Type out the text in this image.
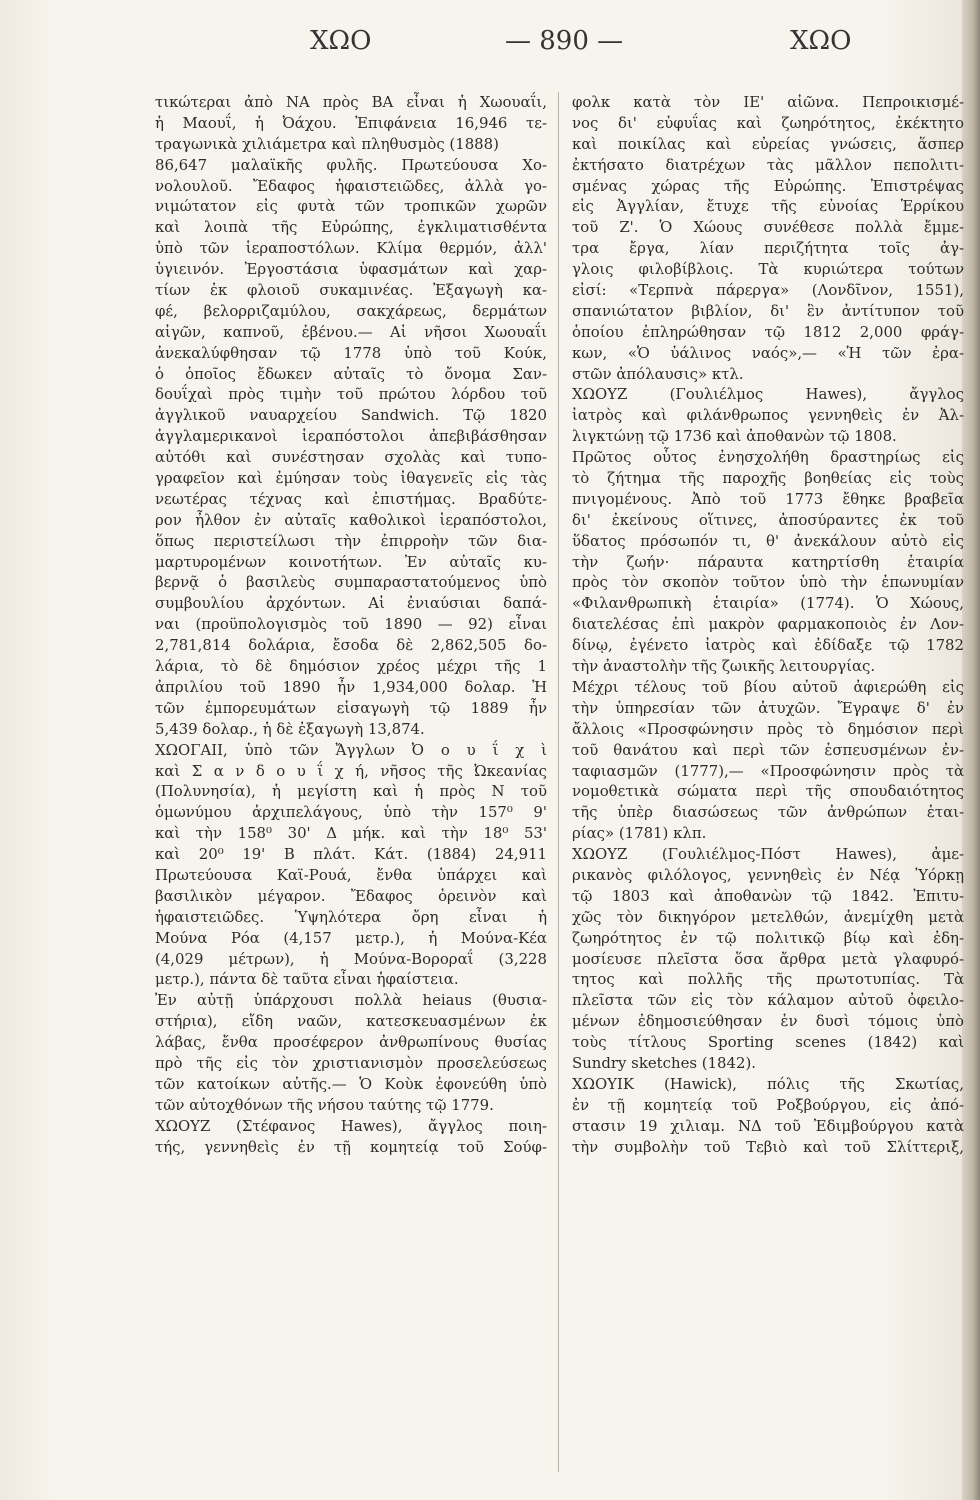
ΧΩΟ	— 890 —	ΧΩΟ
τικώτεραι ἀπὸ ΝΑ πρὸς ΒΑ εἶναι ἡ Χωουαΐι,
ἡ Μαουΐ, ἡ Ὀάχου. Ἐπιφάνεια 16,946 τε-
τραγωνικὰ χιλιάμετρα καὶ πληθυσμὸς (1888)
86,647 μαλαϊκῆς φυλῆς. Πρωτεύουσα Χο-
νολουλοῦ. Ἔδαφος ἡφαιστειῶδες, ἀλλὰ γο-
νιμώτατον εἰς φυτὰ τῶν τροπικῶν χωρῶν
καὶ λοιπὰ τῆς Εὐρώπης, ἐγκλιματισθέντα
ὑπὸ τῶν ἱεραποστόλων. Κλίμα θερμόν, ἀλλ'
ὑγιεινόν. Ἐργοστάσια ὑφασμάτων καὶ χαρ-
τίων ἐκ φλοιοῦ συκαμινέας. Ἐξαγωγὴ κα-
φέ, βελορριζαμύλου, σακχάρεως, δερμάτων
αἰγῶν, καπνοῦ, ἐβένου.— Αἱ νῆσοι Χωουαΐι
ἀνεκαλύφθησαν τῷ 1778 ὑπὸ τοῦ Κούκ,
ὁ ὁποῖος ἔδωκεν αὐταῖς τὸ ὄνομα Σαν-
δουΐχαὶ πρὸς τιμὴν τοῦ πρώτου λόρδου τοῦ
ἀγγλικοῦ ναυαρχείου Sandwich. Τῷ 1820
ἀγγλαμερικανοὶ ἱεραπόστολοι ἀπεβιβάσθησαν
αὐτόθι καὶ συνέστησαν σχολὰς καὶ τυπο-
γραφεῖον καὶ ἐμύησαν τοὺς ἰθαγενεῖς εἰς τὰς
νεωτέρας τέχνας καὶ ἐπιστήμας. Βραδύτε-
ρον ἦλθον ἐν αὐταῖς καθολικοὶ ἱεραπόστολοι,
ὅπως περιστείλωσι τὴν ἐπιρροὴν τῶν δια-
μαρτυρομένων κοινοτήτων. Ἐν αὐταῖς κυ-
βερνᾷ ὁ βασιλεὺς συμπαραστατούμενος ὑπὸ
συμβουλίου ἀρχόντων. Αἱ ἐνιαύσιαι δαπά-
ναι (προϋπολογισμὸς τοῦ 1890 — 92) εἶναι
2,781,814 δολάρια, ἔσοδα δὲ 2,862,505 δο-
λάρια, τὸ δὲ δημόσιον χρέος μέχρι τῆς 1
ἀπριλίου τοῦ 1890 ἦν 1,934,000 δολαρ. Ἡ
τῶν ἐμπορευμάτων εἰσαγωγὴ τῷ 1889 ἦν
5,439 δολαρ., ἡ δὲ ἐξαγωγὴ 13,874.
ΧΩΟΓΑΙΙ, ὑπὸ τῶν Ἄγγλων Ὀ ο υ ΐ χ ὶ
καὶ Σ α ν δ ο υ ΐ χ ή, νῆσος τῆς Ὠκεανίας
(Πολυνησία), ἡ μεγίστη καὶ ἡ πρὸς Ν τοῦ
ὁμωνύμου ἀρχιπελάγους, ὑπὸ τὴν 157⁰ 9'
καὶ τὴν 158⁰ 30' Δ μήκ. καὶ τὴν 18⁰ 53'
καὶ 20⁰ 19' Β πλάτ. Κάτ. (1884) 24,911
Πρωτεύουσα Καϊ-Ρουά, ἔνθα ὑπάρχει καὶ
βασιλικὸν μέγαρον. Ἔδαφος ὀρεινὸν καὶ
ἡφαιστειῶδες. Ὑψηλότερα ὄρη εἶναι ἡ
Μούνα Ρόα (4,157 μετρ.), ἡ Μούνα-Κέα
(4,029 μέτρων), ἡ Μούνα-Βοροραΐ (3,228
μετρ.), πάντα δὲ ταῦτα εἶναι ἡφαίστεια.
Ἐν αὐτῇ ὑπάρχουσι πολλὰ heiaus (θυσια-
στήρια), εἴδη ναῶν, κατεσκευασμένων ἐκ
λάβας, ἔνθα προσέφερον ἀνθρωπίνους θυσίας
πρὸ τῆς εἰς τὸν χριστιανισμὸν προσελεύσεως
τῶν κατοίκων αὐτῆς.— Ὁ Κοὺκ ἐφονεύθη ὑπὸ
τῶν αὐτοχθόνων τῆς νήσου ταύτης τῷ 1779.
ΧΩΟΥΖ (Στέφανος Hawes), ἄγγλος ποιη-
τής, γεννηθεὶς ἐν τῇ κομητείᾳ τοῦ Σούφ-
φολκ κατὰ τὸν ΙΕ' αἰῶνα. Πεπροικισμέ-
νος δι' εὐφυΐας καὶ ζωηρότητος, ἐκέκτητο
καὶ ποικίλας καὶ εὐρείας γνώσεις, ἅσπερ
ἐκτήσατο διατρέχων τὰς μᾶλλον πεπολιτι-
σμένας χώρας τῆς Εὐρώπης. Ἐπιστρέψας
εἰς Ἀγγλίαν, ἔτυχε τῆς εὐνοίας Ἑρρίκου
τοῦ Ζ'. Ὁ Χώους συνέθεσε πολλὰ ἔμμε-
τρα ἔργα, λίαν περιζήτητα τοῖς ἀγ-
γλοις φιλοβίβλοις. Τὰ κυριώτερα τούτων
εἰσί: «Τερπνὰ πάρεργα» (Λονδῖνον, 1551),
σπανιώτατον βιβλίον, δι' ἓν ἀντίτυπον τοῦ
ὁποίου ἐπληρώθησαν τῷ 1812 2,000 φράγ-
κων, «Ὁ ὑάλινος ναός»,— «Ἡ τῶν ἐρα-
στῶν ἀπόλαυσις» κτλ.
ΧΩΟΥΖ (Γουλιέλμος Hawes), ἄγγλος
ἰατρὸς καὶ φιλάνθρωπος γεννηθεὶς ἐν Ἀλ-
λιγκτώνῃ τῷ 1736 καὶ ἀποθανὼν τῷ 1808.
Πρῶτος οὗτος ἐνησχολήθη δραστηρίως εἰς
τὸ ζήτημα τῆς παροχῆς βοηθείας εἰς τοὺς
πνιγομένους. Ἀπὸ τοῦ 1773 ἔθηκε βραβεῖα
δι' ἐκείνους οἵτινες, ἀποσύραντες ἐκ τοῦ
ὕδατος πρόσωπόν τι, θ' ἀνεκάλουν αὐτὸ εἰς
τὴν ζωήν· πάραυτα κατηρτίσθη ἑταιρία
πρὸς τὸν σκοπὸν τοῦτον ὑπὸ τὴν ἐπωνυμίαν
«Φιλανθρωπικὴ ἑταιρία» (1774). Ὁ Χώους,
διατελέσας ἐπὶ μακρὸν φαρμακοποιὸς ἐν Λον-
δίνῳ, ἐγένετο ἰατρὸς καὶ ἐδίδαξε τῷ 1782
τὴν ἀναστολὴν τῆς ζωικῆς λειτουργίας.
Μέχρι τέλους τοῦ βίου αὐτοῦ ἀφιερώθη εἰς
τὴν ὑπηρεσίαν τῶν ἀτυχῶν. Ἔγραψε δ' ἐν
ἄλλοις «Προσφώνησιν πρὸς τὸ δημόσιον περὶ
τοῦ θανάτου καὶ περὶ τῶν ἐσπευσμένων ἐν-
ταφιασμῶν (1777),— «Προσφώνησιν πρὸς τὰ
νομοθετικὰ σώματα περὶ τῆς σπουδαιότητος
τῆς ὑπὲρ διασώσεως τῶν ἀνθρώπων ἑται-
ρίας» (1781) κλπ.
ΧΩΟΥΖ (Γουλιέλμος-Πόστ Hawes), ἀμε-
ρικανὸς φιλόλογος, γεννηθεὶς ἐν Νέᾳ Ὑόρκῃ
τῷ 1803 καὶ ἀποθανὼν τῷ 1842. Ἐπιτυ-
χῶς τὸν δικηγόρον μετελθών, ἀνεμίχθη μετὰ
ζωηρότητος ἐν τῷ πολιτικῷ βίῳ καὶ ἐδη-
μοσίευσε πλεῖστα ὅσα ἄρθρα μετὰ γλαφυρό-
τητος καὶ πολλῆς τῆς πρωτοτυπίας. Τὰ
πλεῖστα τῶν εἰς τὸν κάλαμον αὐτοῦ ὀφειλο-
μένων ἐδημοσιεύθησαν ἐν δυσὶ τόμοις ὑπὸ
τοὺς τίτλους Sporting scenes (1842) καὶ
Sundry sketches (1842).
ΧΩΟΥΙΚ (Hawick), πόλις τῆς Σκωτίας,
ἐν τῇ κομητείᾳ τοῦ Ροξβούργου, εἰς ἀπό-
στασιν 19 χιλιαμ. ΝΔ τοῦ Ἐδιμβούργου κατὰ
τὴν συμβολὴν τοῦ Τεβιὸ καὶ τοῦ Σλίττεριξ,
